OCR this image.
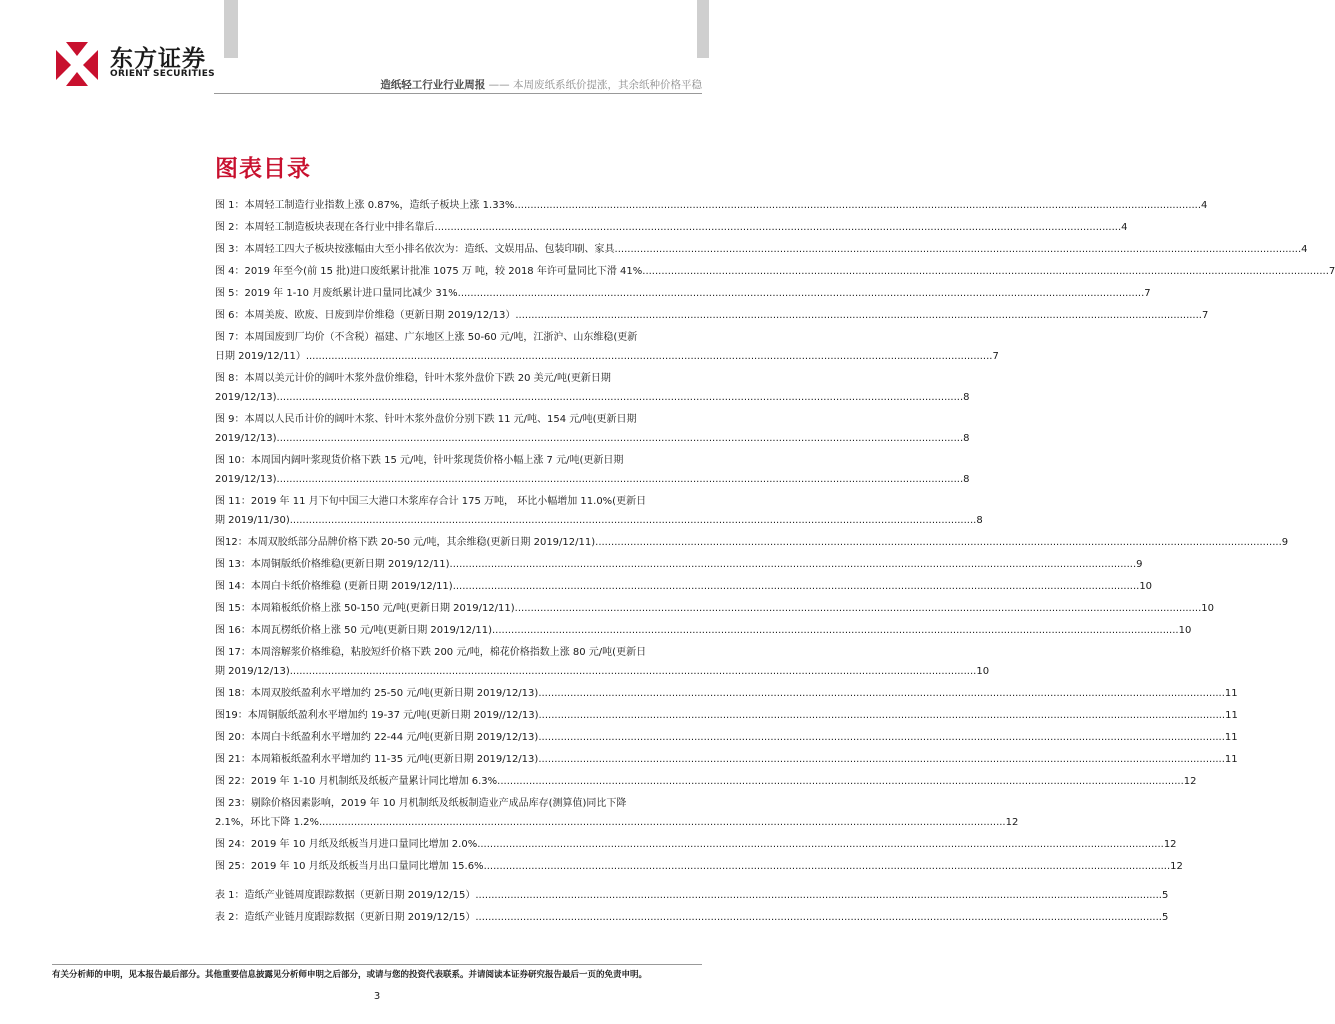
东方证券
ORIENT SECURITIES
造纸轻工行业行业周报 —— 本周废纸系纸价提涨，其余纸种价格平稳
图表目录
图 1：本周轻工制造行业指数上涨 0.87%，造纸子板块上涨 1.33% .....	4
图 2：本周轻工制造板块表现在各行业中排名靠后 .....	4
图 3：本周轻工四大子板块按涨幅由大至小排名依次为：造纸、文娱用品、包装印刷、家具 .....	4
图 4：2019 年至今(前 15 批)进口废纸累计批准 1075 万 吨，较 2018 年许可量同比下滑 41% .....	7
图 5：2019 年 1-10 月废纸累计进口量同比减少 31% .....	7
图 6：本周美废、欧废、日废到岸价维稳（更新日期 2019/12/13） .....	7
图 7：本周国废到厂均价（不含税）福建、广东地区上涨 50-60 元/吨，江浙沪、山东维稳(更新
日期 2019/12/11） .....	7
图 8：本周以美元计价的阔叶木浆外盘价维稳，针叶木浆外盘价下跌 20 美元/吨(更新日期
2019/12/13) .....	8
图 9：本周以人民币计价的阔叶木浆、针叶木浆外盘价分别下跌 11 元/吨、154 元/吨(更新日期
2019/12/13) .....	8
图 10：本周国内阔叶浆现货价格下跌 15 元/吨，针叶浆现货价格小幅上涨 7 元/吨(更新日期
2019/12/13) .....	8
图 11：2019 年 11 月下旬中国三大港口木浆库存合计 175 万吨， 环比小幅增加 11.0%(更新日
期 2019/11/30) .....	8
图12：本周双胶纸部分品牌价格下跌 20-50 元/吨，其余维稳(更新日期 2019/12/11) .....	9
图 13：本周铜版纸价格维稳(更新日期 2019/12/11) .....	9
图 14：本周白卡纸价格维稳 (更新日期 2019/12/11) .....	10
图 15：本周箱板纸价格上涨 50-150 元/吨(更新日期 2019/12/11) .....	10
图 16：本周瓦楞纸价格上涨 50 元/吨(更新日期 2019/12/11) .....	10
图 17：本周溶解浆价格维稳，粘胶短纤价格下跌 200 元/吨，棉花价格指数上涨 80 元/吨(更新日
期 2019/12/13) .....	10
图 18：本周双胶纸盈利水平增加约 25-50 元/吨(更新日期 2019/12/13) .....	11
图19：本周铜版纸盈利水平增加约 19-37 元/吨(更新日期 2019//12/13) .....	11
图 20：本周白卡纸盈利水平增加约 22-44 元/吨(更新日期 2019/12/13) .....	11
图 21：本周箱板纸盈利水平增加约 11-35 元/吨(更新日期 2019/12/13) .....	11
图 22：2019 年 1-10 月机制纸及纸板产量累计同比增加 6.3% .....	12
图 23：剔除价格因素影响，2019 年 10 月机制纸及纸板制造业产成品库存(测算值)同比下降
2.1%，环比下降 1.2% .....	12
图 24：2019 年 10 月纸及纸板当月进口量同比增加 2.0% .....	12
图 25：2019 年 10 月纸及纸板当月出口量同比增加 15.6% .....	12
表 1：造纸产业链周度跟踪数据（更新日期 2019/12/15） .....	5
表 2：造纸产业链月度跟踪数据（更新日期 2019/12/15） .....	5
有关分析师的申明，见本报告最后部分。其他重要信息披露见分析师申明之后部分，或请与您的投资代表联系。并请阅读本证券研究报告最后一页的免责申明。
3
